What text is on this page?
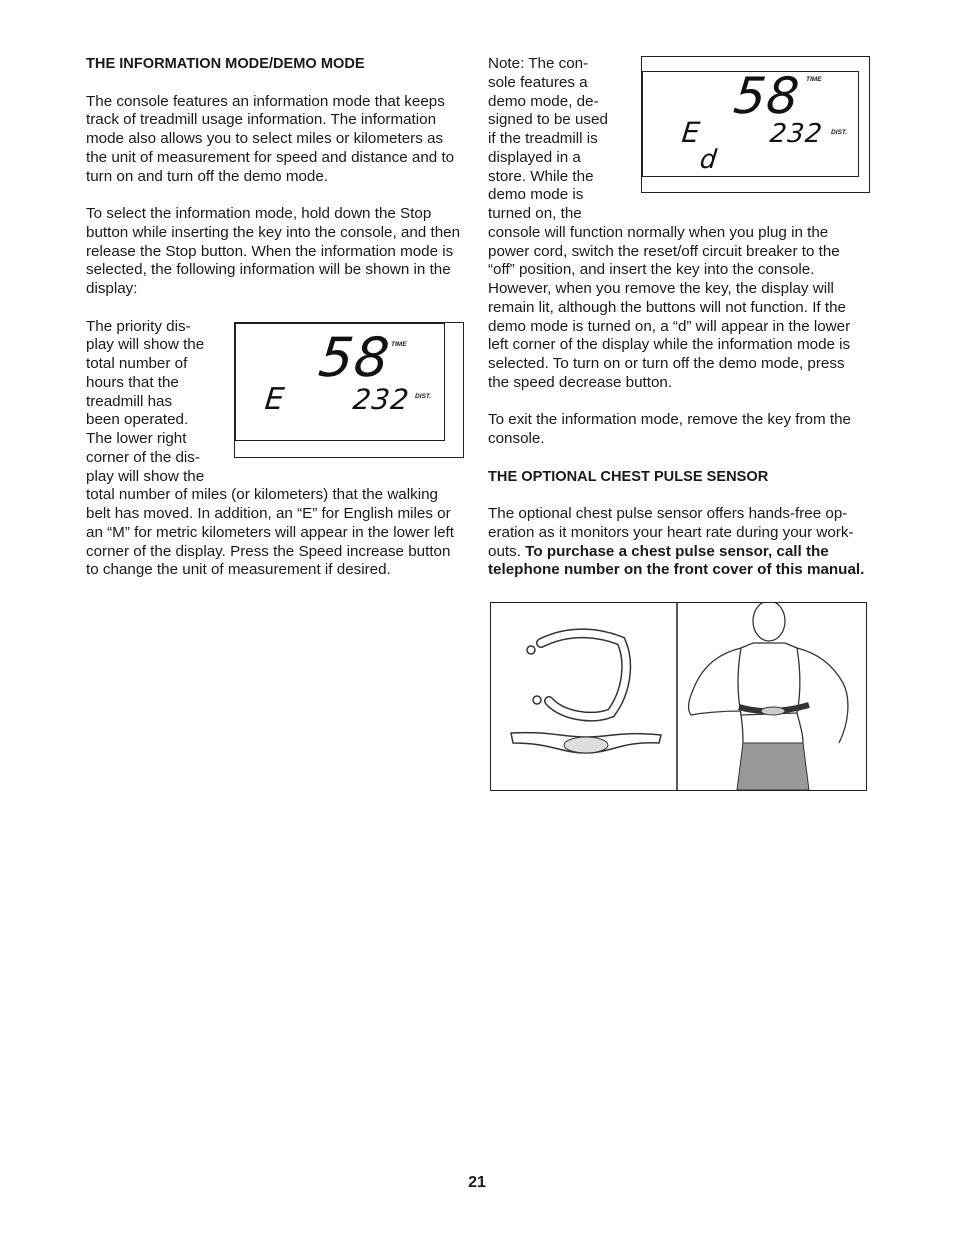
THE INFORMATION MODE/DEMO MODE

The console features an information mode that keeps track of treadmill usage information. The information mode also allows you to select miles or kilometers as the unit of measurement for speed and distance and to turn on and turn off the demo mode.

To select the information mode, hold down the Stop button while inserting the key into the console, and then release the Stop button. When the information mode is selected, the following information will be shown in the display:

The priority dis-
play will show the
total number of
hours that the
treadmill has
been operated.
The lower right
corner of the dis-
play will show the

total number of miles (or kilometers) that the walking belt has moved. In addition, an “E” for English miles or an “M” for metric kilometers will appear in the lower left corner of the display. Press the Speed increase button to change the unit of measurement if desired.

58
TIME
E 232 DIST.
Note: The con-
sole features a
demo mode, de-
signed to be used
if the treadmill is
displayed in a
store. While the
demo mode is
turned on, the

console will function normally when you plug in the power cord, switch the reset/off circuit breaker to the “off” position, and insert the key into the console. However, when you remove the key, the display will remain lit, although the buttons will not function. If the demo mode is turned on, a “d” will appear in the lower left corner of the display while the information mode is selected. To turn on or turn off the demo mode, press the speed decrease button.

To exit the information mode, remove the key from the console.

THE OPTIONAL CHEST PULSE SENSOR

The optional chest pulse sensor offers hands-free op-eration as it monitors your heart rate during your work-outs. To purchase a chest pulse sensor, call the telephone number on the front cover of this manual.

58 TIME
E	232 DIST.
d
21
